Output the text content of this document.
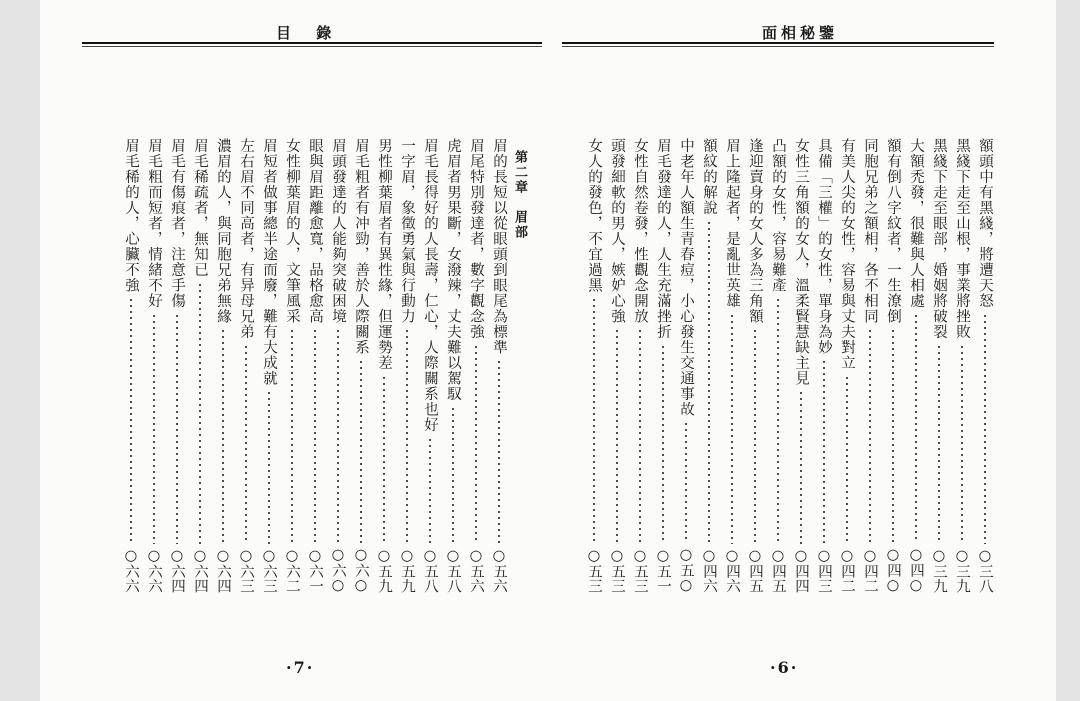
目 錄
第二章　眉部
眉的長短以從眼頭到眼尾為標準
○五六
眉尾特別發達者，數字觀念強
○五六
虎眉者男果斷，女潑辣，丈夫難以駕馭
○五八
眉毛長得好的人長壽，仁心，人際關系也好
○五八
一字眉，象徵勇氣與行動力
○五九
男性柳葉眉者有異性緣，但運勢差
○五九
眉毛粗者有冲勁，善於人際關系
○六○
眉頭發達的人能夠突破困境
○六○
眼與眉距離愈寬，品格愈高
○六一
女性柳葉眉的人，文筆風采
○六二
眉短者做事總半途而廢，難有大成就
○六三
左右眉不同高者，有异母兄弟
○六三
濃眉的人，與同胞兄弟無緣
○六四
眉毛稀疏者，無知已
○六四
眉毛有傷痕者，注意手傷
○六四
眉毛粗而短者，情緒不好
○六六
眉毛稀的人，心臟不強
○六六
·7·
面相秘鑒
額頭中有黑綫，將遭天怒
○三八
黑綫下走至山根，事業將挫敗
○三九
黑綫下走至眼部，婚姻將破裂
○三九
大額禿發，很難與人相處
○四○
額有倒八字紋者，一生潦倒
○四○
同胞兄弟之額相，各不相同
○四二
有美人尖的女性，容易與丈夫對立
○四二
具備「三權」的女性，單身為妙
○四三
女性三角額的女人，溫柔賢慧缺主見
○四四
凸額的女性，容易難產
○四五
逢迎賣身的女人多為三角額
○四五
眉上隆起者，是亂世英雄
○四六
額紋的解說
○四六
中老年人額生青春痘，小心發生交通事故
○五○
眉毛發達的人，人生充滿挫折
○五一
女性自然卷發，性觀念開放
○五三
頭發細軟的男人，嫉妒心強
○五三
女人的發色，不宜過黑
○五三
·6·
